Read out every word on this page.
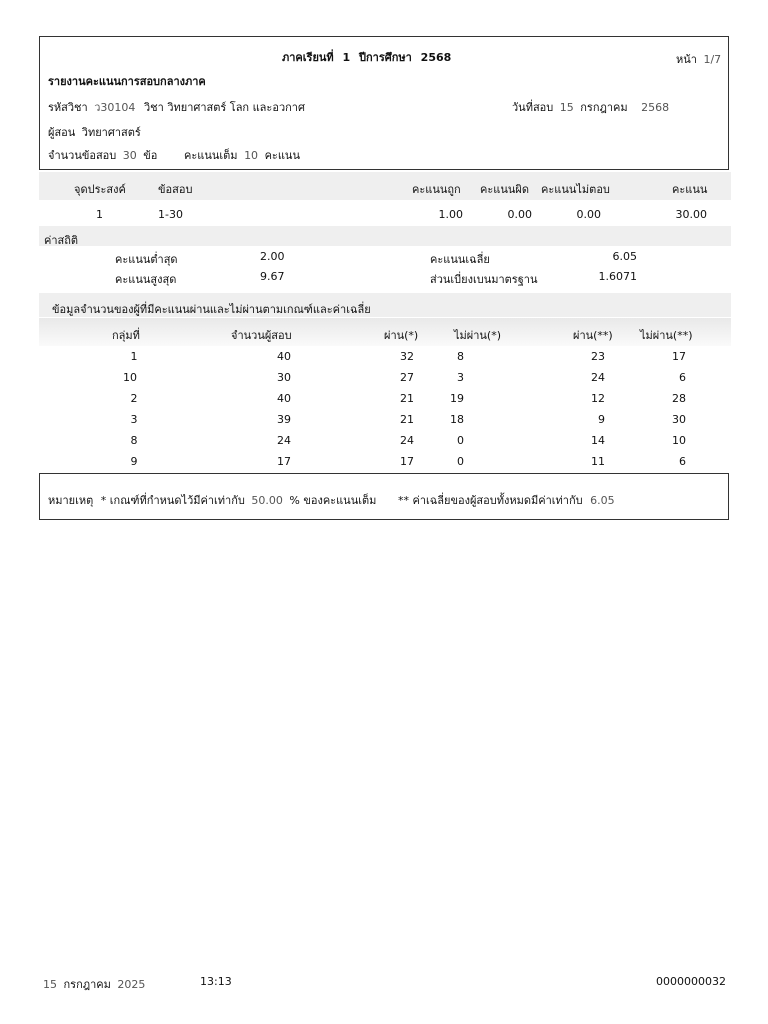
ภาคเรียนที่ 1 ปีการศึกษา 2568	หน้า 1/7
รายงานคะแนนการสอบกลางภาค
รหัสวิชา ว30104 วิชา วิทยาศาสตร์ โลก และอวกาศ	วันที่สอบ 15 กรกฎาคม 2568
ผู้สอน วิทยาศาสตร์
จำนวนข้อสอบ 30 ข้อ คะแนนเต็ม 10 คะแนน
จุดประสงค์	ข้อสอบ	คะแนนถูก คะแนนผิด คะแนนไม่ตอบ	คะแนน
1	1-30	1.00	0.00	0.00	30.00
ค่าสถิติ
คะแนนต่ำสุด	2.00	คะแนนเฉลี่ย	6.05
คะแนนสูงสุด	9.67	ส่วนเบี่ยงเบนมาตรฐาน	1.6071
ข้อมูลจำนวนของผู้ที่มีคะแนนผ่านและไม่ผ่านตามเกณฑ์และค่าเฉลี่ย
กลุ่มที่	จำนวนผู้สอบ	ผ่าน(*)	ไม่ผ่าน(*)	ผ่าน(**) ไม่ผ่าน(**)
1	40	32	8	23	17
10	30	27	3	24	6
2	40	21	19	12	28
3	39	21	18	9	30
8	24	24	0	14	10
9	17	17	0	11	6
หมายเหตุ * เกณฑ์ที่กำหนดไว้มีค่าเท่ากับ 50.00 % ของคะแนนเต็ม ** ค่าเฉลี่ยของผู้สอบทั้งหมดมีค่าเท่ากับ 6.05
15 กรกฎาคม 2025	13:13	0000000032
